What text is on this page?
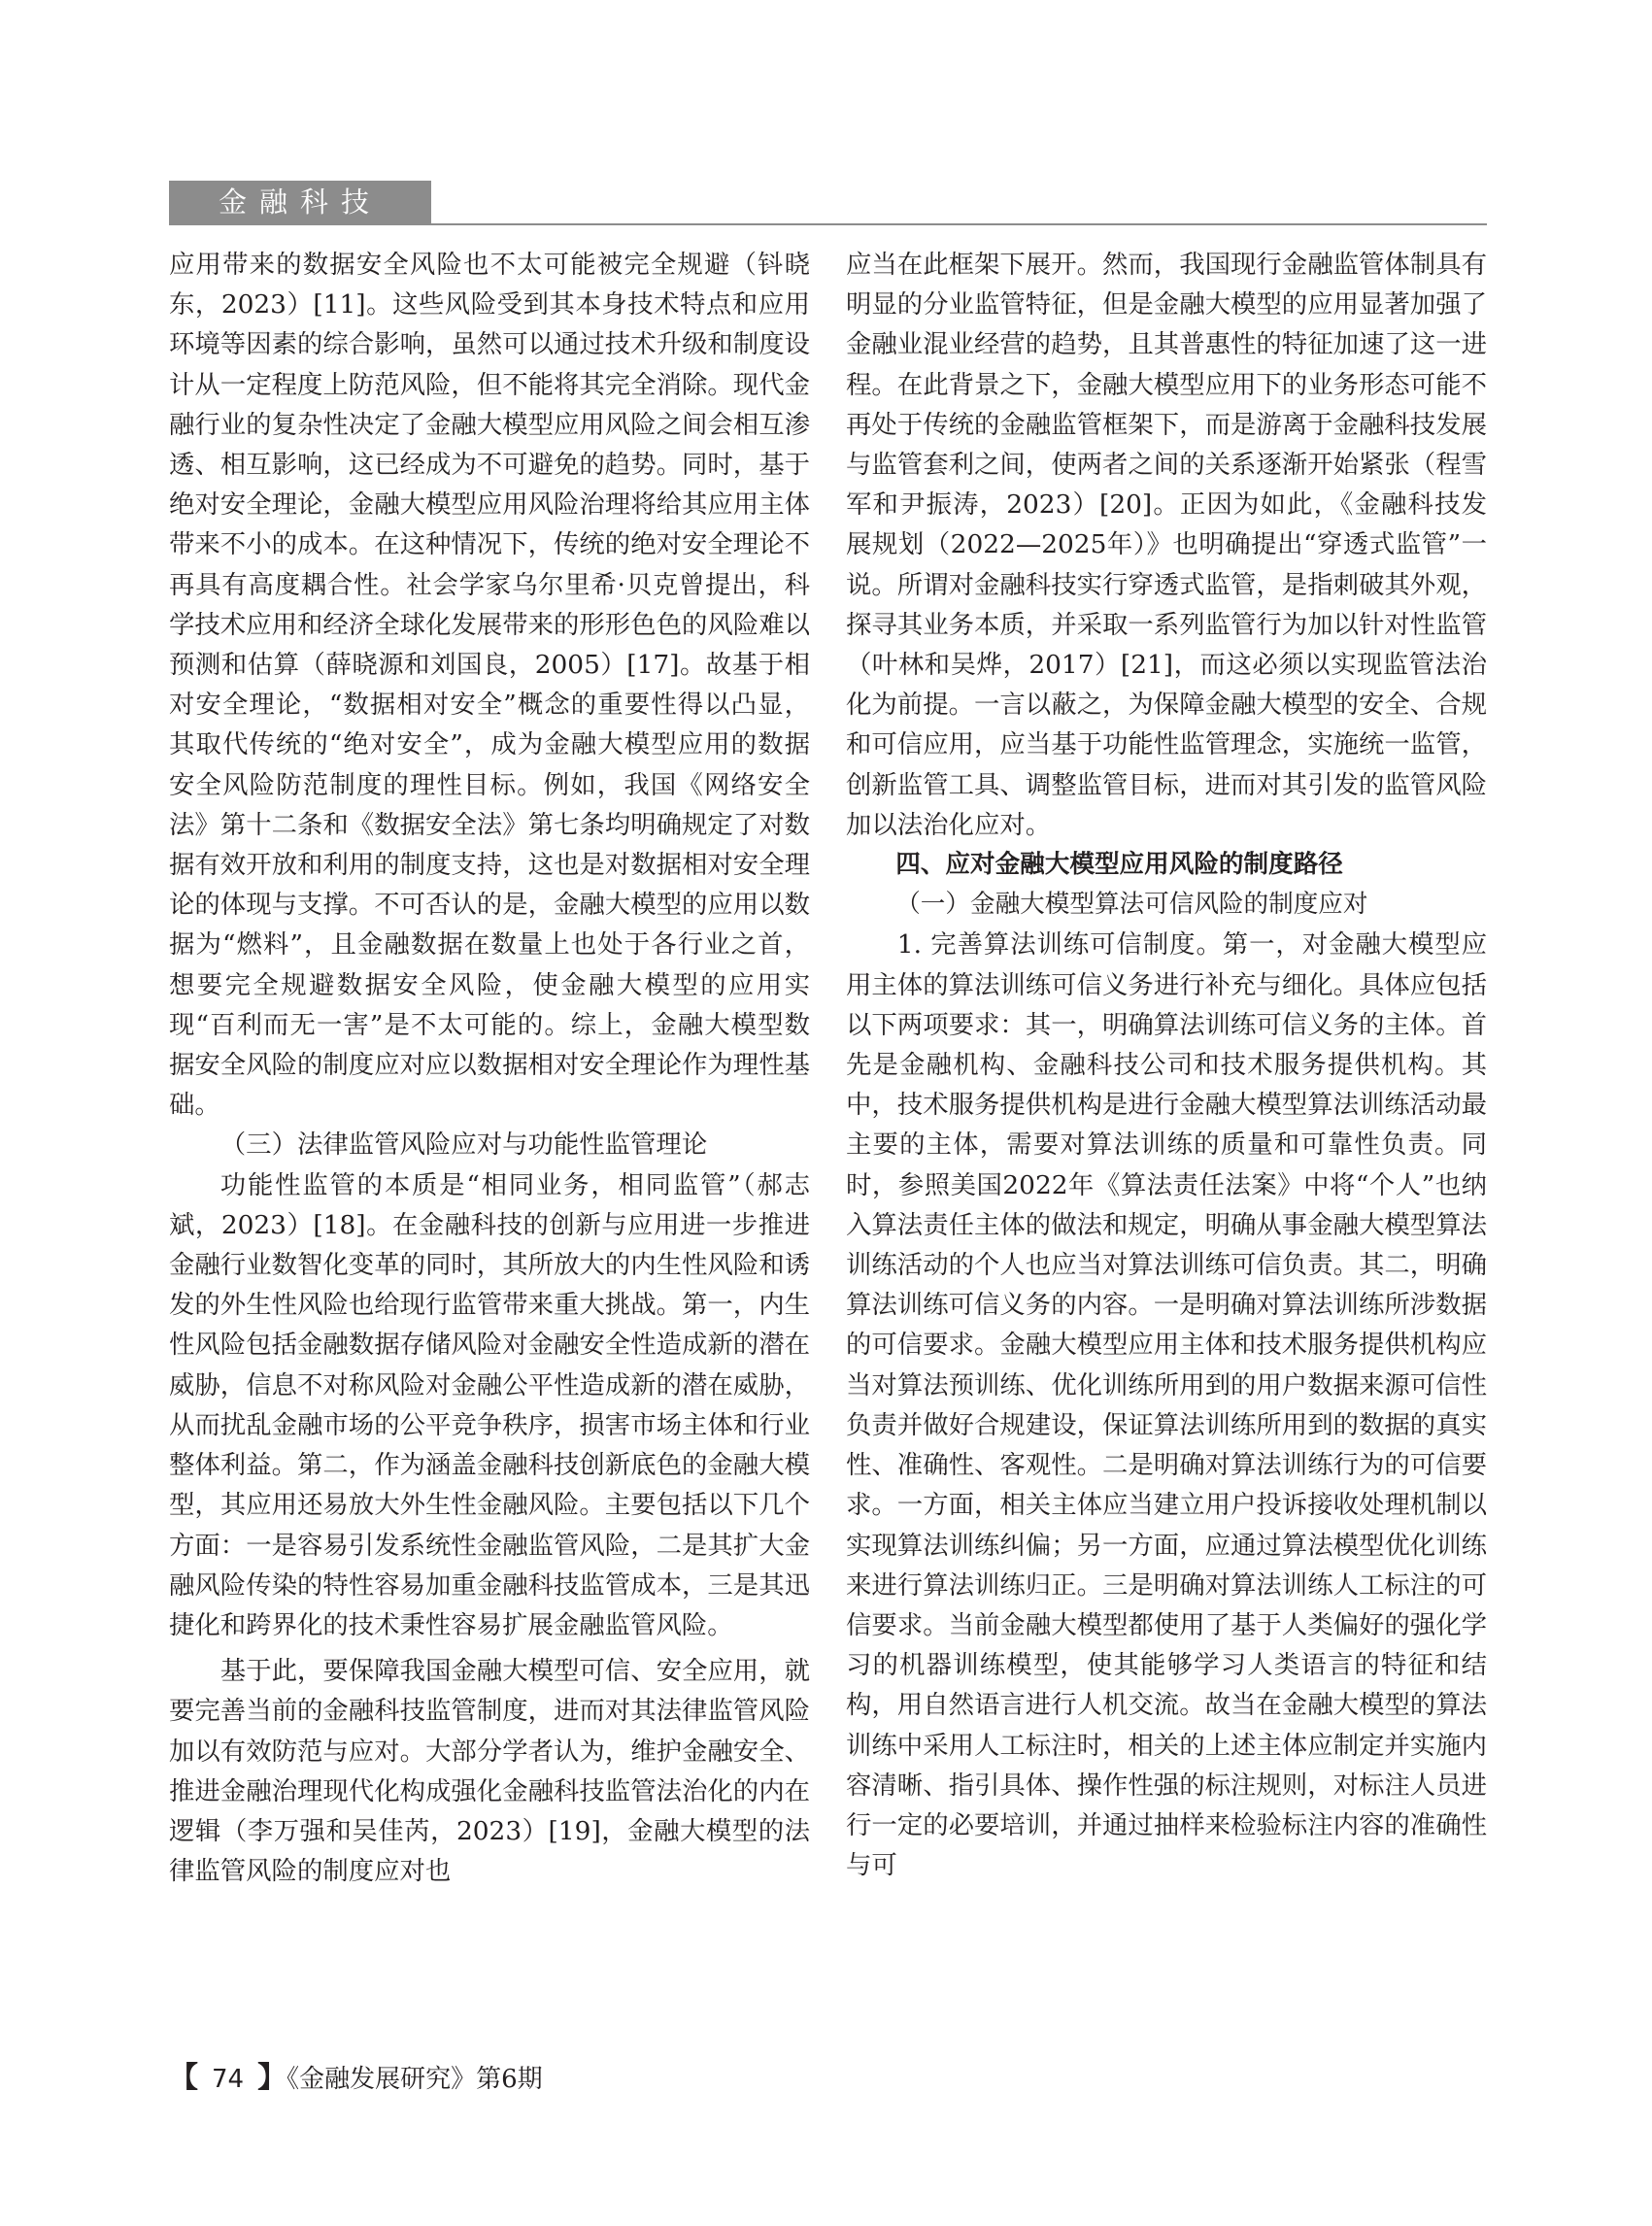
金融科技

应用带来的数据安全风险也不太可能被完全规避（钭晓东，2023）[11]。这些风险受到其本身技术特点和应用环境等因素的综合影响，虽然可以通过技术升级和制度设计从一定程度上防范风险，但不能将其完全消除。现代金融行业的复杂性决定了金融大模型应用风险之间会相互渗透、相互影响，这已经成为不可避免的趋势。同时，基于绝对安全理论，金融大模型应用风险治理将给其应用主体带来不小的成本。在这种情况下，传统的绝对安全理论不再具有高度耦合性。社会学家乌尔里希·贝克曾提出，科学技术应用和经济全球化发展带来的形形色色的风险难以预测和估算（薛晓源和刘国良，2005）[17]。故基于相对安全理论，“数据相对安全”概念的重要性得以凸显，其取代传统的“绝对安全”，成为金融大模型应用的数据安全风险防范制度的理性目标。例如，我国《网络安全法》第十二条和《数据安全法》第七条均明确规定了对数据有效开放和利用的制度支持，这也是对数据相对安全理论的体现与支撑。不可否认的是，金融大模型的应用以数据为“燃料”，且金融数据在数量上也处于各行业之首，想要完全规避数据安全风险，使金融大模型的应用实现“百利而无一害”是不太可能的。综上，金融大模型数据安全风险的制度应对应以数据相对安全理论作为理性基础。

（三）法律监管风险应对与功能性监管理论

功能性监管的本质是“相同业务，相同监管”（郝志斌，2023）[18]。在金融科技的创新与应用进一步推进金融行业数智化变革的同时，其所放大的内生性风险和诱发的外生性风险也给现行监管带来重大挑战。第一，内生性风险包括金融数据存储风险对金融安全性造成新的潜在威胁，信息不对称风险对金融公平性造成新的潜在威胁，从而扰乱金融市场的公平竞争秩序，损害市场主体和行业整体利益。第二，作为涵盖金融科技创新底色的金融大模型，其应用还易放大外生性金融风险。主要包括以下几个方面：一是容易引发系统性金融监管风险，二是其扩大金融风险传染的特性容易加重金融科技监管成本，三是其迅捷化和跨界化的技术秉性容易扩展金融监管风险。

基于此，要保障我国金融大模型可信、安全应用，就要完善当前的金融科技监管制度，进而对其法律监管风险加以有效防范与应对。大部分学者认为，维护金融安全、推进金融治理现代化构成强化金融科技监管法治化的内在逻辑（李万强和吴佳芮，2023）[19]，金融大模型的法律监管风险的制度应对也

应当在此框架下展开。然而，我国现行金融监管体制具有明显的分业监管特征，但是金融大模型的应用显著加强了金融业混业经营的趋势，且其普惠性的特征加速了这一进程。在此背景之下，金融大模型应用下的业务形态可能不再处于传统的金融监管框架下，而是游离于金融科技发展与监管套利之间，使两者之间的关系逐渐开始紧张（程雪军和尹振涛，2023）[20]。正因为如此，《金融科技发展规划（2022—2025年）》也明确提出“穿透式监管”一说。所谓对金融科技实行穿透式监管，是指刺破其外观，探寻其业务本质，并采取一系列监管行为加以针对性监管（叶林和吴烨，2017）[21]，而这必须以实现监管法治化为前提。一言以蔽之，为保障金融大模型的安全、合规和可信应用，应当基于功能性监管理念，实施统一监管，创新监管工具、调整监管目标，进而对其引发的监管风险加以法治化应对。

四、应对金融大模型应用风险的制度路径

（一）金融大模型算法可信风险的制度应对

1. 完善算法训练可信制度。第一，对金融大模型应用主体的算法训练可信义务进行补充与细化。具体应包括以下两项要求：其一，明确算法训练可信义务的主体。首先是金融机构、金融科技公司和技术服务提供机构。其中，技术服务提供机构是进行金融大模型算法训练活动最主要的主体，需要对算法训练的质量和可靠性负责。同时，参照美国2022年《算法责任法案》中将“个人”也纳入算法责任主体的做法和规定，明确从事金融大模型算法训练活动的个人也应当对算法训练可信负责。其二，明确算法训练可信义务的内容。一是明确对算法训练所涉数据的可信要求。金融大模型应用主体和技术服务提供机构应当对算法预训练、优化训练所用到的用户数据来源可信性负责并做好合规建设，保证算法训练所用到的数据的真实性、准确性、客观性。二是明确对算法训练行为的可信要求。一方面，相关主体应当建立用户投诉接收处理机制以实现算法训练纠偏；另一方面，应通过算法模型优化训练来进行算法训练归正。三是明确对算法训练人工标注的可信要求。当前金融大模型都使用了基于人类偏好的强化学习的机器训练模型，使其能够学习人类语言的特征和结构，用自然语言进行人机交流。故当在金融大模型的算法训练中采用人工标注时，相关的上述主体应制定并实施内容清晰、指引具体、操作性强的标注规则，对标注人员进行一定的必要培训，并通过抽样来检验标注内容的准确性与可

【 74 】《金融发展研究》第6期
